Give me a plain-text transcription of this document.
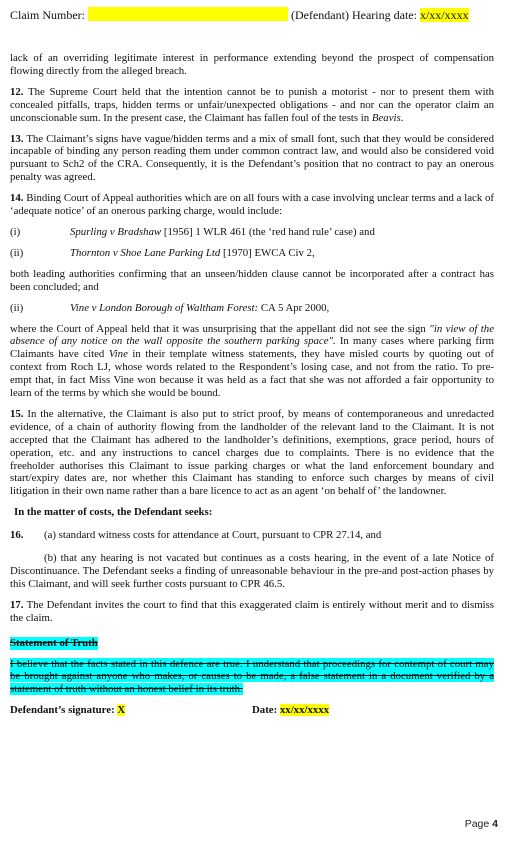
Claim Number:	(Defendant) Hearing date: x/xx/xxxx

lack of an overriding legitimate interest in performance extending beyond the prospect of compensation flowing directly from the alleged breach.

12. The Supreme Court held that the intention cannot be to punish a motorist - nor to present them with concealed pitfalls, traps, hidden terms or unfair/unexpected obligations - and nor can the operator claim an unconscionable sum. In the present case, the Claimant has fallen foul of the tests in Beavis.

13. The Claimant’s signs have vague/hidden terms and a mix of small font, such that they would be considered incapable of binding any person reading them under common contract law, and would also be considered void pursuant to Sch2 of the CRA. Consequently, it is the Defendant’s position that no contract to pay an onerous penalty was agreed.

14. Binding Court of Appeal authorities which are on all fours with a case involving unclear terms and a lack of ‘adequate notice’ of an onerous parking charge, would include:

(i)	Spurling v Bradshaw [1956] 1 WLR 461 (the ‘red hand rule’ case) and
(ii)	Thornton v Shoe Lane Parking Ltd [1970] EWCA Civ 2,

both leading authorities confirming that an unseen/hidden clause cannot be incorporated after a contract has been concluded; and

(ii)	Vine v London Borough of Waltham Forest: CA 5 Apr 2000,

where the Court of Appeal held that it was unsurprising that the appellant did not see the sign "in view of the absence of any notice on the wall opposite the southern parking space". In many cases where parking firm Claimants have cited Vine in their template witness statements, they have misled courts by quoting out of context from Roch LJ, whose words related to the Respondent’s losing case, and not from the ratio. To pre-empt that, in fact Miss Vine won because it was held as a fact that she was not afforded a fair opportunity to learn of the terms by which she would be bound.

15. In the alternative, the Claimant is also put to strict proof, by means of contemporaneous and unredacted evidence, of a chain of authority flowing from the landholder of the relevant land to the Claimant. It is not accepted that the Claimant has adhered to the landholder’s definitions, exemptions, grace period, hours of operation, etc. and any instructions to cancel charges due to complaints. There is no evidence that the freeholder authorises this Claimant to issue parking charges or what the land enforcement boundary and start/expiry dates are, nor whether this Claimant has standing to enforce such charges by means of civil litigation in their own name rather than a bare licence to act as an agent ‘on behalf of’ the landowner.

In the matter of costs, the Defendant seeks:
16.	(a) standard witness costs for attendance at Court, pursuant to CPR 27.14, and

(b) that any hearing is not vacated but continues as a costs hearing, in the event of a late Notice of Discontinuance. The Defendant seeks a finding of unreasonable behaviour in the pre-and post-action phases by this Claimant, and will seek further costs pursuant to CPR 46.5.

17. The Defendant invites the court to find that this exaggerated claim is entirely without merit and to dismiss the claim.

Statement of Truth

I believe that the facts stated in this defence are true. I understand that proceedings for contempt of court may be brought against anyone who makes, or causes to be made, a false statement in a document verified by a statement of truth without an honest belief in its truth.

Defendant’s signature: X	Date: xx/xx/xxxx
Page 4
